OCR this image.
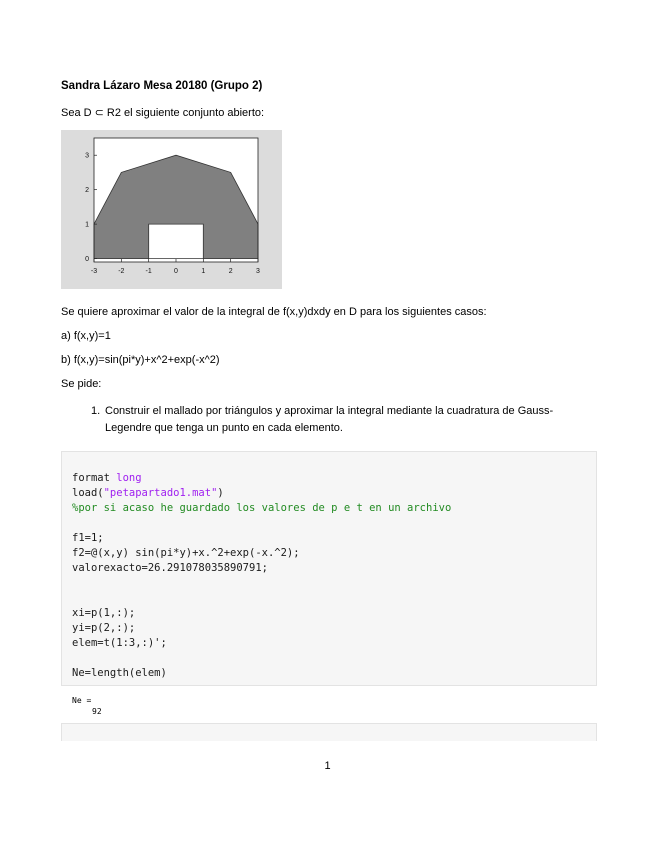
Sandra Lázaro Mesa 20180 (Grupo 2)
Sea D ⊂ R2 el siguiente conjunto abierto:
-3	-2	-1	0	1	2	3
0
1
2
3
Se quiere aproximar el valor de la integral de f(x,y)dxdy en D para los siguientes casos:
a) f(x,y)=1
b) f(x,y)=sin(pi*y)+x^2+exp(-x^2)
Se pide:
1. Construir el mallado por triángulos y aproximar la integral mediante la cuadratura de Gauss-Legendre que tenga un punto en cada elemento.
format long
load("petapartado1.mat")
%por si acaso he guardado los valores de p e t en un archivo
f1=1;
f2=@(x,y) sin(pi*y)+x.^2+exp(-x.^2);
valorexacto=26.291078035890791;
xi=p(1,:);
yi=p(2,:);
elem=t(1:3,:)';
Ne=length(elem)
Ne =
92
1
